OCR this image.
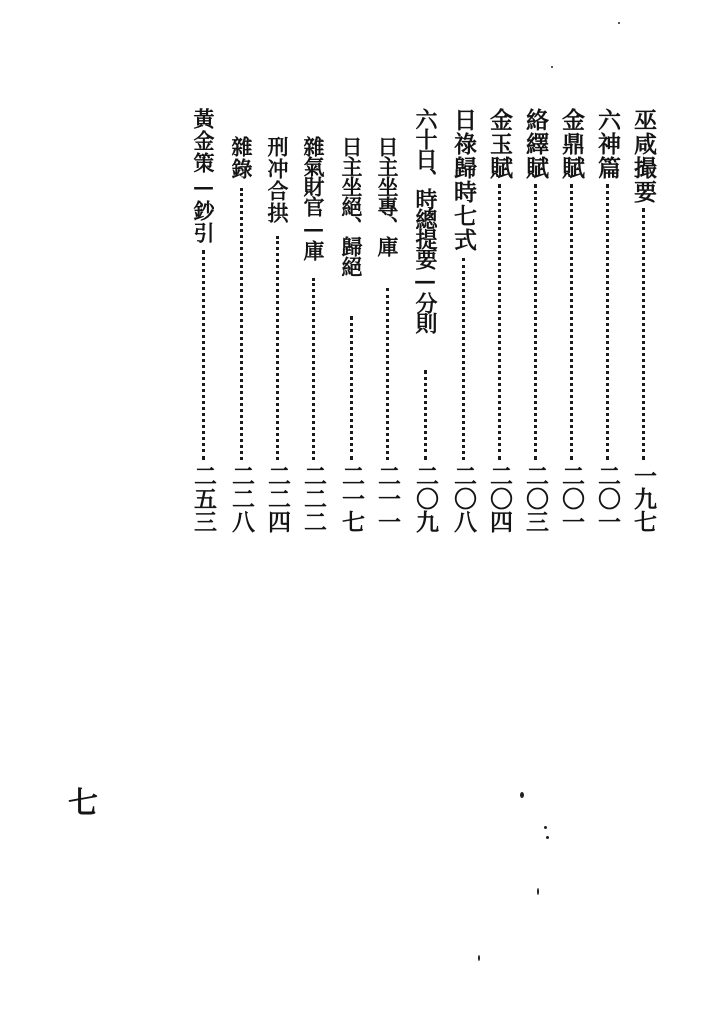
巫咸撮要
一九七
六神篇
二〇一
金鼎賦
二〇一
絡繹賦
二〇三
金玉賦
二〇四
日祿歸時七式
二〇八
六十日、時總提要—分則
二〇九
日主坐專、庫
二一一
日主坐絕、歸絕
二一七
雜氣財官—庫
二二二
刑冲合拱
二二四
雜錄
二二八
黃金策—鈔引
二五三
七
